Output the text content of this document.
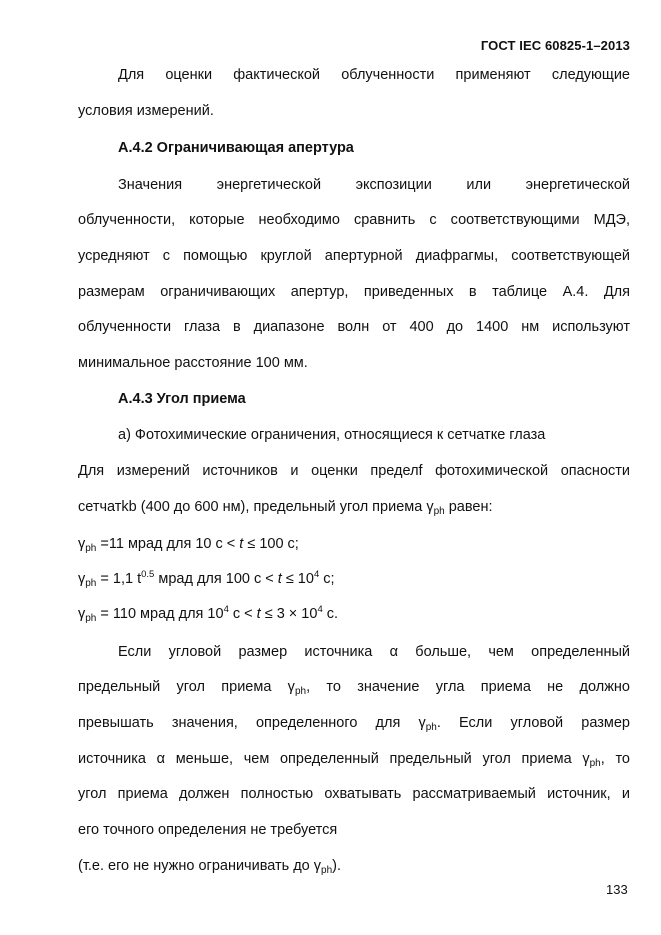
ГОСТ IEC 60825-1–2013
Для оценки фактической облученности применяют следующие
условия измерений.
А.4.2 Ограничивающая апертура
Значения энергетической экспозиции или энергетической
облученности, которые необходимо сравнить с соответствующими МДЭ,
усредняют с помощью круглой апертурной диафрагмы, соответствующей
размерам ограничивающих апертур, приведенных в таблице А.4. Для
облученности глаза в диапазоне волн от 400 до 1400 нм используют
минимальное расстояние 100 мм.
А.4.3 Угол приема
а) Фотохимические ограничения, относящиеся к сетчатке глаза
Для измерений источников и оценки пределf фотохимической опасности
сетчатkb (400 до 600 нм), предельный угол приема $\gamma_{ph}$ равен:
$\gamma_{ph} =11$ мрад для 10 с < t ≤ 100 с;
$\gamma_{ph} = 1,1$ $t^{0.5}$ мрад для 100 $с < t \le 10^4$ с;
$\gamma_{ph} = 110$ мрад для $10^4$ $с < t \le 3 \times 10^4$ с.
Если угловой размер источника α больше, чем определенный
предельный угол приема $\gamma_{ph}$, то значение угла приема не должно
превышать значения, определенного для $\gamma_{ph}$. Если угловой размер
источника α меньше, чем определенный предельный угол приема $\gamma_{ph}$, то
угол приема должен полностью охватывать рассматриваемый источник, и
его точного определения не требуется
(т.е. его не нужно ограничивать до $\gamma_{ph}$).
133
